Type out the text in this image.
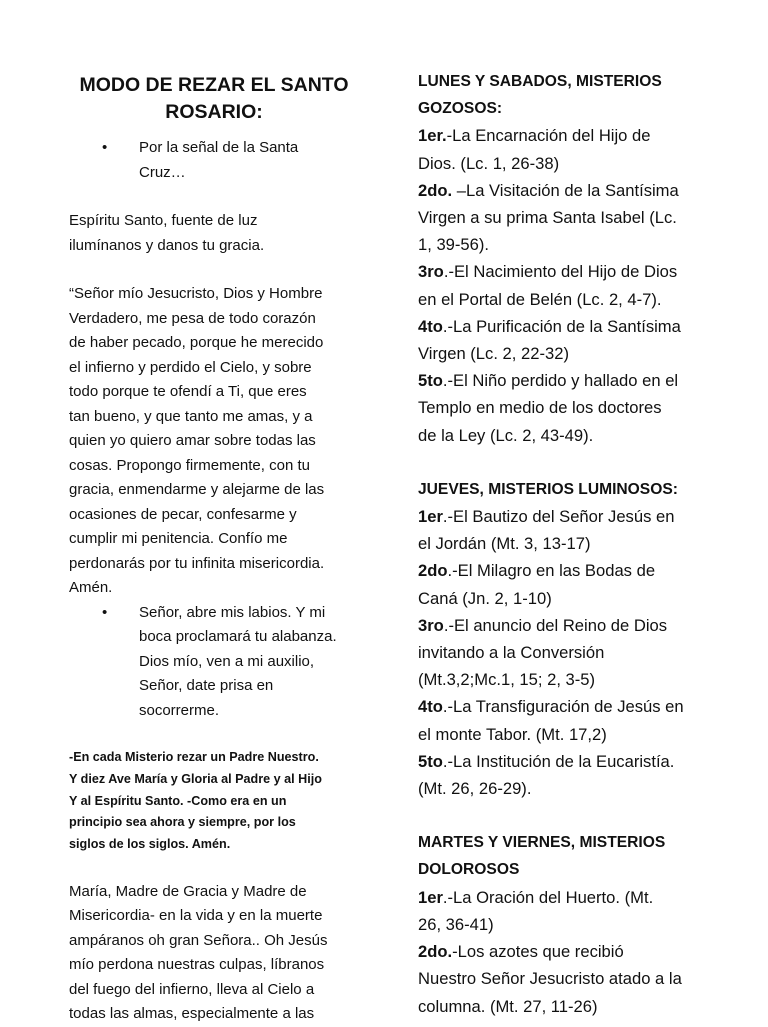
MODO DE REZAR EL SANTO
ROSARIO:
• Por la señal de la Santa
Cruz…
Espíritu Santo, fuente de luz
ilumínanos y danos tu gracia.
“Señor mío Jesucristo, Dios y Hombre
Verdadero, me pesa de todo corazón
de haber pecado, porque he merecido
el infierno y perdido el Cielo, y sobre
todo porque te ofendí a Ti, que eres
tan bueno, y que tanto me amas, y a
quien yo quiero amar sobre todas las
cosas. Propongo firmemente, con tu
gracia, enmendarme y alejarme de las
ocasiones de pecar, confesarme y
cumplir mi penitencia. Confío me
perdonarás por tu infinita misericordia.
Amén.
• Señor, abre mis labios. Y mi
boca proclamará tu alabanza.
Dios mío, ven a mi auxilio,
Señor, date prisa en
socorrerme.
-En cada Misterio rezar un Padre Nuestro.
Y diez Ave María y Gloria al Padre y al Hijo
Y al Espíritu Santo. -Como era en un
principio sea ahora y siempre, por los
siglos de los siglos. Amén.
María, Madre de Gracia y Madre de
Misericordia- en la vida y en la muerte
ampáranos oh gran Señora.. Oh Jesús
mío perdona nuestras culpas, líbranos
del fuego del infierno, lleva al Cielo a
todas las almas, especialmente a las
LUNES Y SABADOS, MISTERIOS
GOZOSOS:
1er.-La Encarnación del Hijo de
Dios. (Lc. 1, 26-38)
2do. –La Visitación de la Santísima
Virgen a su prima Santa Isabel (Lc.
1, 39-56).
3ro.-El Nacimiento del Hijo de Dios
en el Portal de Belén (Lc. 2, 4-7).
4to.-La Purificación de la Santísima
Virgen (Lc. 2, 22-32)
5to.-El Niño perdido y hallado en el
Templo en medio de los doctores
de la Ley (Lc. 2, 43-49).
JUEVES, MISTERIOS LUMINOSOS:
1er.-El Bautizo del Señor Jesús en
el Jordán (Mt. 3, 13-17)
2do.-El Milagro en las Bodas de
Caná (Jn. 2, 1-10)
3ro.-El anuncio del Reino de Dios
invitando a la Conversión
(Mt.3,2;Mc.1, 15; 2, 3-5)
4to.-La Transfiguración de Jesús en
el monte Tabor. (Mt. 17,2)
5to.-La Institución de la Eucaristía.
(Mt. 26, 26-29).
MARTES Y VIERNES, MISTERIOS
DOLOROSOS
1er.-La Oración del Huerto. (Mt.
26, 36-41)
2do.-Los azotes que recibió
Nuestro Señor Jesucristo atado a la
columna. (Mt. 27, 11-26)
